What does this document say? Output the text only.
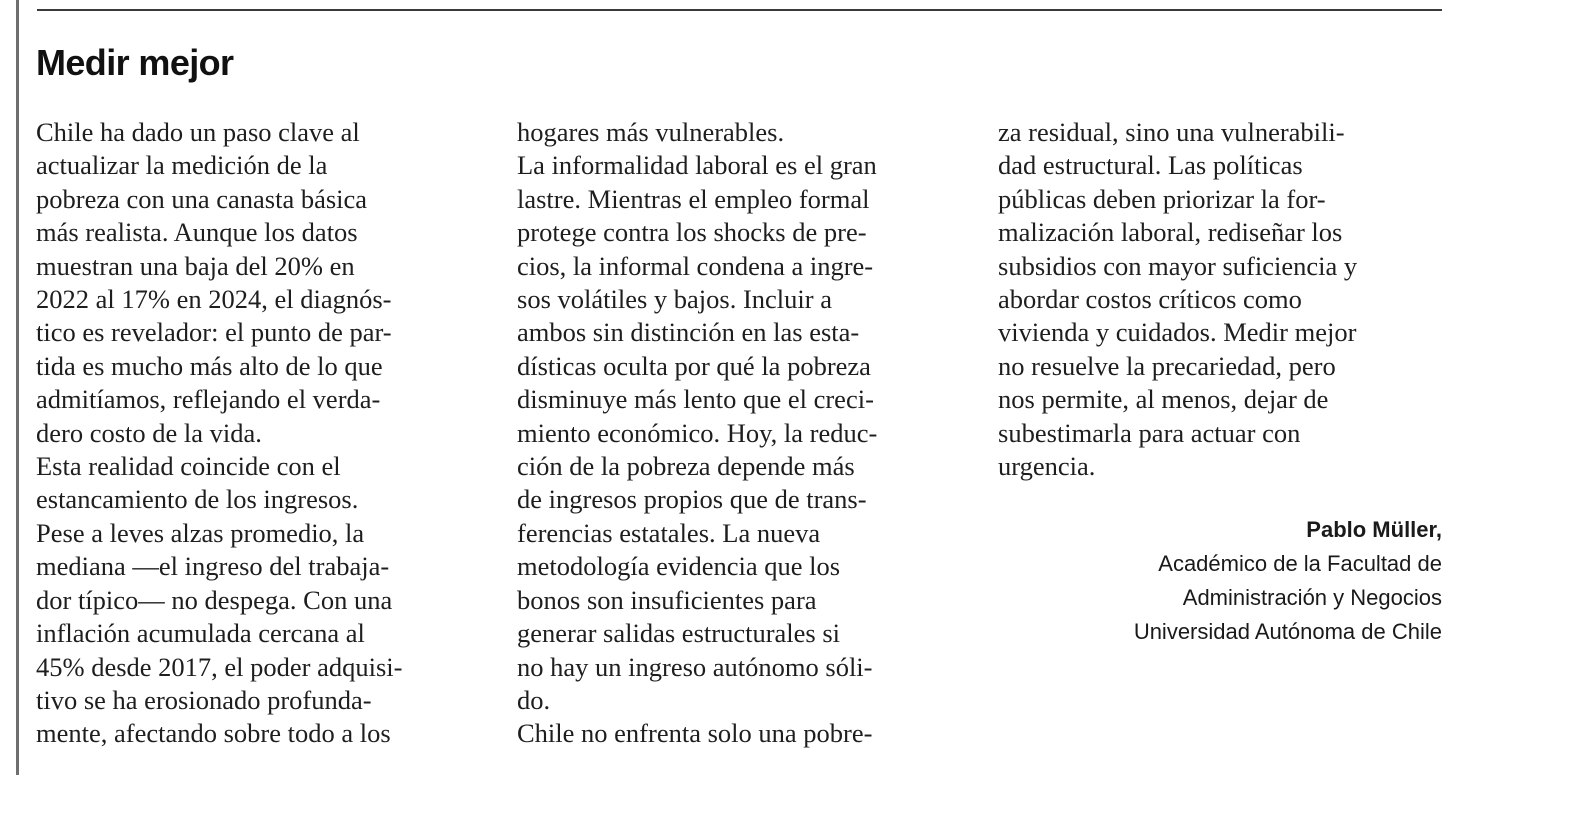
Medir mejor
Chile ha dado un paso clave al
actualizar la medición de la
pobreza con una canasta básica
más realista. Aunque los datos
muestran una baja del 20% en
2022 al 17% en 2024, el diagnós-
tico es revelador: el punto de par-
tida es mucho más alto de lo que
admitíamos, reflejando el verda-
dero costo de la vida.
Esta realidad coincide con el
estancamiento de los ingresos.
Pese a leves alzas promedio, la
mediana —el ingreso del trabaja-
dor típico— no despega. Con una
inflación acumulada cercana al
45% desde 2017, el poder adquisi-
tivo se ha erosionado profunda-
mente, afectando sobre todo a los
hogares más vulnerables.
La informalidad laboral es el gran
lastre. Mientras el empleo formal
protege contra los shocks de pre-
cios, la informal condena a ingre-
sos volátiles y bajos. Incluir a
ambos sin distinción en las esta-
dísticas oculta por qué la pobreza
disminuye más lento que el creci-
miento económico. Hoy, la reduc-
ción de la pobreza depende más
de ingresos propios que de trans-
ferencias estatales. La nueva
metodología evidencia que los
bonos son insuficientes para
generar salidas estructurales si
no hay un ingreso autónomo sóli-
do.
Chile no enfrenta solo una pobre-
za residual, sino una vulnerabili-
dad estructural. Las políticas
públicas deben priorizar la for-
malización laboral, rediseñar los
subsidios con mayor suficiencia y
abordar costos críticos como
vivienda y cuidados. Medir mejor
no resuelve la precariedad, pero
nos permite, al menos, dejar de
subestimarla para actuar con
urgencia.
Pablo Müller,
Académico de la Facultad de
Administración y Negocios
Universidad Autónoma de Chile
